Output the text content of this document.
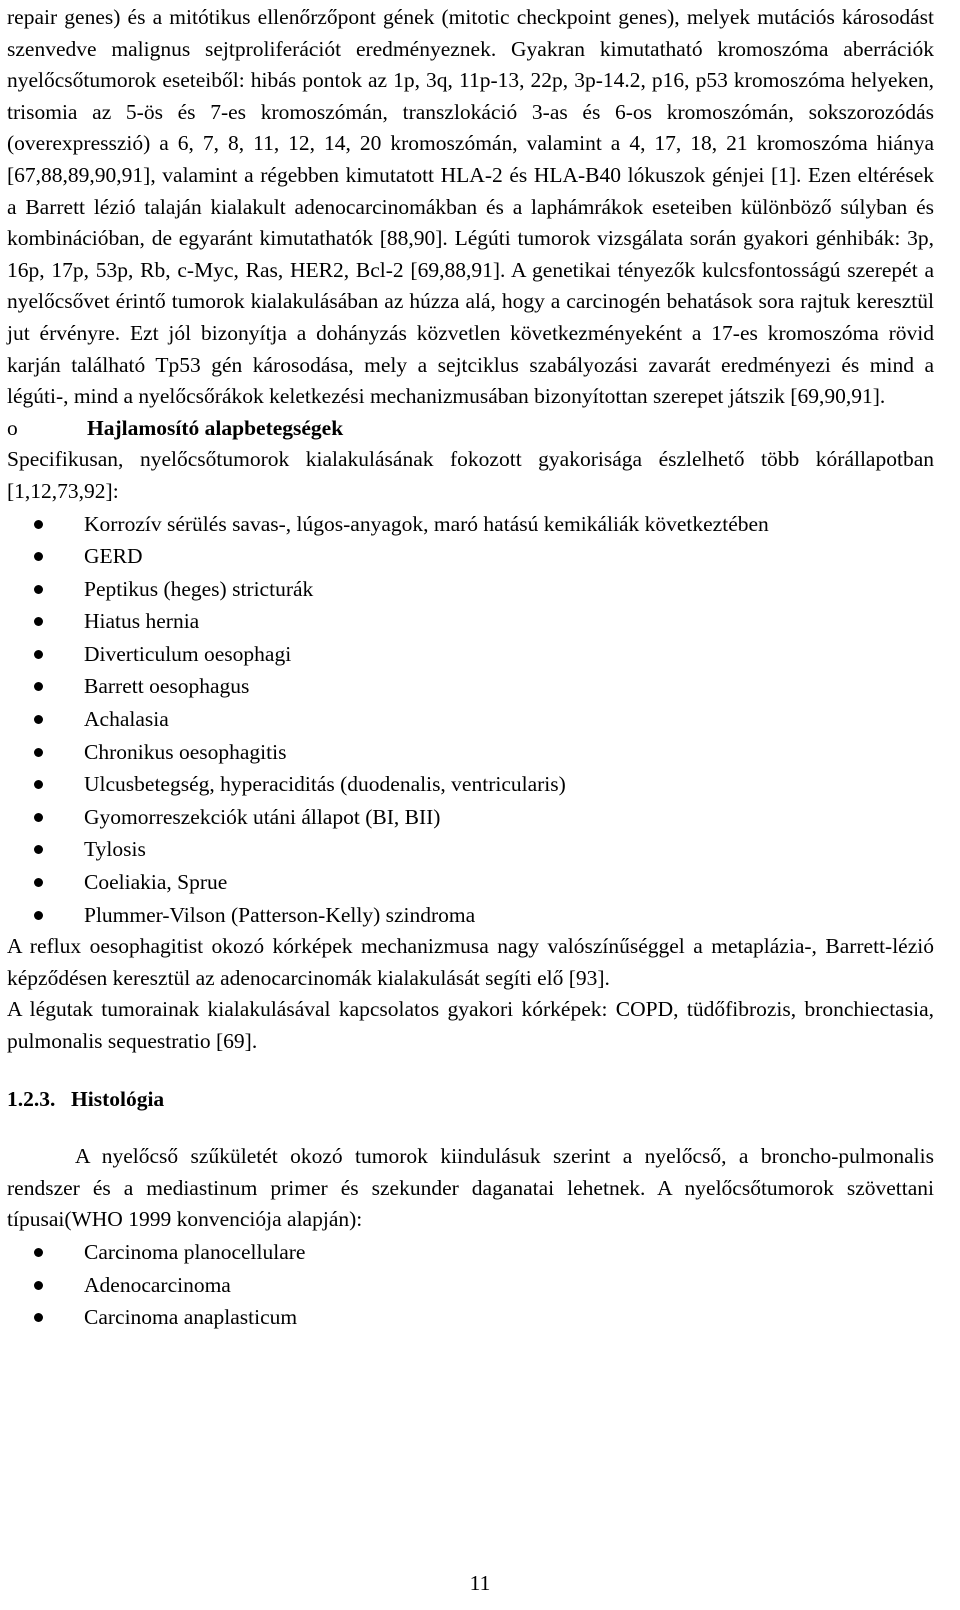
repair genes) és a mitótikus ellenőrzőpont gének (mitotic checkpoint genes), melyek mutációs károsodást szenvedve malignus sejtproliferációt eredményeznek. Gyakran kimutatható kromoszóma aberrációk nyelőcsőtumorok eseteiből: hibás pontok az 1p, 3q, 11p-13, 22p, 3p-14.2, p16, p53 kromoszóma helyeken, trisomia az 5-ös és 7-es kromoszómán, transzlokáció 3-as és 6-os kromoszómán, sokszorozódás (overexpresszió) a 6, 7, 8, 11, 12, 14, 20 kromoszómán, valamint a 4, 17, 18, 21 kromoszóma hiánya [67,88,89,90,91], valamint a régebben kimutatott HLA-2 és HLA-B40 lókuszok génjei [1]. Ezen eltérések a Barrett lézió talaján kialakult adenocarcinomákban és a laphámrákok eseteiben különböző súlyban és kombinációban, de egyaránt kimutathatók [88,90]. Légúti tumorok vizsgálata során gyakori génhibák: 3p, 16p, 17p, 53p, Rb, c-Myc, Ras, HER2, Bcl-2 [69,88,91]. A genetikai tényezők kulcsfontosságú szerepét a nyelőcsővet érintő tumorok kialakulásában az húzza alá, hogy a carcinogén behatások sora rajtuk keresztül jut érvényre. Ezt jól bizonyítja a dohányzás közvetlen következményeként a 17-es kromoszóma rövid karján található Tp53 gén károsodása, mely a sejtciklus szabályozási zavarát eredményezi és mind a légúti-, mind a nyelőcsőrákok keletkezési mechanizmusában bizonyítottan szerepet játszik [69,90,91].

o	Hajlamosító alapbetegségek

Specifikusan, nyelőcsőtumorok kialakulásának fokozott gyakorisága észlelhető több kórállapotban [1,12,73,92]:

Korrozív sérülés savas-, lúgos-anyagok, maró hatású kemikáliák következtében
GERD
Peptikus (heges) stricturák
Hiatus hernia
Diverticulum oesophagi
Barrett oesophagus
Achalasia
Chronikus oesophagitis
Ulcusbetegség, hyperaciditás (duodenalis, ventricularis)
Gyomorreszekciók utáni állapot (BI, BII)
Tylosis
Coeliakia, Sprue
Plummer-Vilson (Patterson-Kelly) szindroma

A reflux oesophagitist okozó kórképek mechanizmusa nagy valószínűséggel a metaplázia-, Barrett-lézió képződésen keresztül az adenocarcinomák kialakulását segíti elő [93].

A légutak tumorainak kialakulásával kapcsolatos gyakori kórképek: COPD, tüdőfibrozis, bronchiectasia, pulmonalis sequestratio [69].

1.2.3. Histológia

A nyelőcső szűkületét okozó tumorok kiindulásuk szerint a nyelőcső, a broncho-pulmonalis rendszer és a mediastinum primer és szekunder daganatai lehetnek. A nyelőcsőtumorok szövettani típusai(WHO 1999 konvenciója alapján):

Carcinoma planocellulare
Adenocarcinoma
Carcinoma anaplasticum
11
